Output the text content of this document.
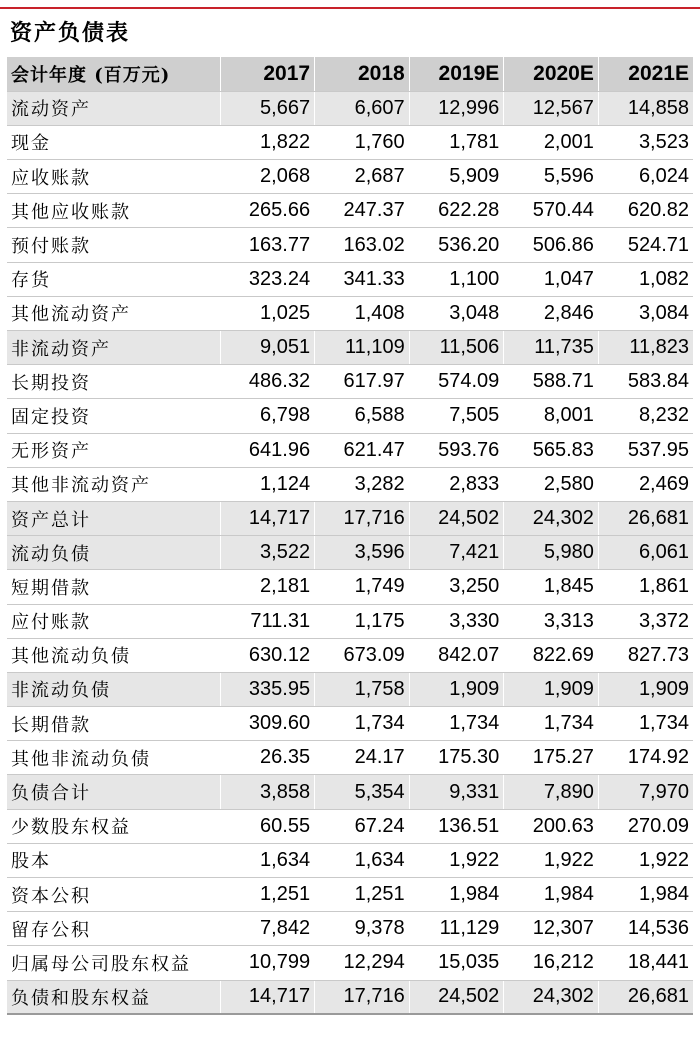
资产负债表
会计年度 (百万元)	2017	2018	2019E	2020E	2021E
流动资产	5,667	6,607	12,996	12,567	14,858
现金	1,822	1,760	1,781	2,001	3,523
应收账款	2,068	2,687	5,909	5,596	6,024
其他应收账款	265.66	247.37	622.28	570.44	620.82
预付账款	163.77	163.02	536.20	506.86	524.71
存货	323.24	341.33	1,100	1,047	1,082
其他流动资产	1,025	1,408	3,048	2,846	3,084
非流动资产	9,051	11,109	11,506	11,735	11,823
长期投资	486.32	617.97	574.09	588.71	583.84
固定投资	6,798	6,588	7,505	8,001	8,232
无形资产	641.96	621.47	593.76	565.83	537.95
其他非流动资产	1,124	3,282	2,833	2,580	2,469
资产总计	14,717	17,716	24,502	24,302	26,681
流动负债	3,522	3,596	7,421	5,980	6,061
短期借款	2,181	1,749	3,250	1,845	1,861
应付账款	711.31	1,175	3,330	3,313	3,372
其他流动负债	630.12	673.09	842.07	822.69	827.73
非流动负债	335.95	1,758	1,909	1,909	1,909
长期借款	309.60	1,734	1,734	1,734	1,734
其他非流动负债	26.35	24.17	175.30	175.27	174.92
负债合计	3,858	5,354	9,331	7,890	7,970
少数股东权益	60.55	67.24	136.51	200.63	270.09
股本	1,634	1,634	1,922	1,922	1,922
资本公积	1,251	1,251	1,984	1,984	1,984
留存公积	7,842	9,378	11,129	12,307	14,536
归属母公司股东权益	10,799	12,294	15,035	16,212	18,441
负债和股东权益	14,717	17,716	24,502	24,302	26,681
